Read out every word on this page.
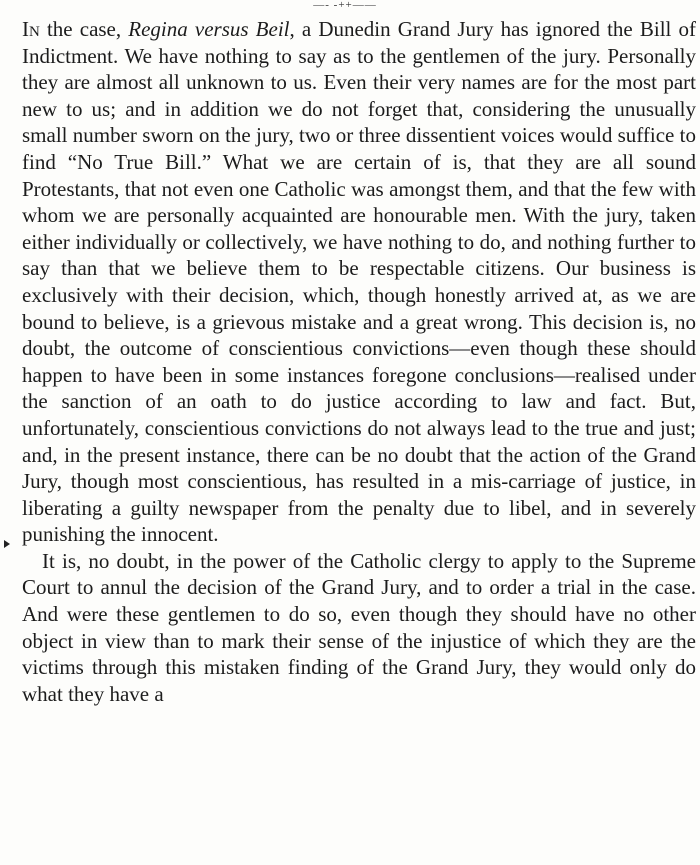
—- -++——

In the case, Regina versus Beil, a Dunedin Grand Jury has ignored the Bill of Indictment. We have nothing to say as to the gentlemen of the jury. Personally they are almost all unknown to us. Even their very names are for the most part new to us; and in addition we do not forget that, considering the unusually small number sworn on the jury, two or three dissentient voices would suffice to find “No True Bill.” What we are certain of is, that they are all sound Protestants, that not even one Catholic was amongst them, and that the few with whom we are personally acquainted are honourable men. With the jury, taken either individually or collectively, we have nothing to do, and nothing further to say than that we believe them to be respectable citizens. Our business is exclusively with their decision, which, though honestly arrived at, as we are bound to believe, is a grievous mistake and a great wrong. This decision is, no doubt, the outcome of conscientious convictions—even though these should happen to have been in some instances foregone conclusions—realised under the sanction of an oath to do justice according to law and fact. But, unfortunately, conscientious convictions do not always lead to the true and just; and, in the present instance, there can be no doubt that the action of the Grand Jury, though most conscientious, has resulted in a mis-carriage of justice, in liberating a guilty newspaper from the penalty due to libel, and in severely punishing the innocent.

It is, no doubt, in the power of the Catholic clergy to apply to the Supreme Court to annul the decision of the Grand Jury, and to order a trial in the case. And were these gentlemen to do so, even though they should have no other object in view than to mark their sense of the injustice of which they are the victims through this mistaken finding of the Grand Jury, they would only do what they have a
